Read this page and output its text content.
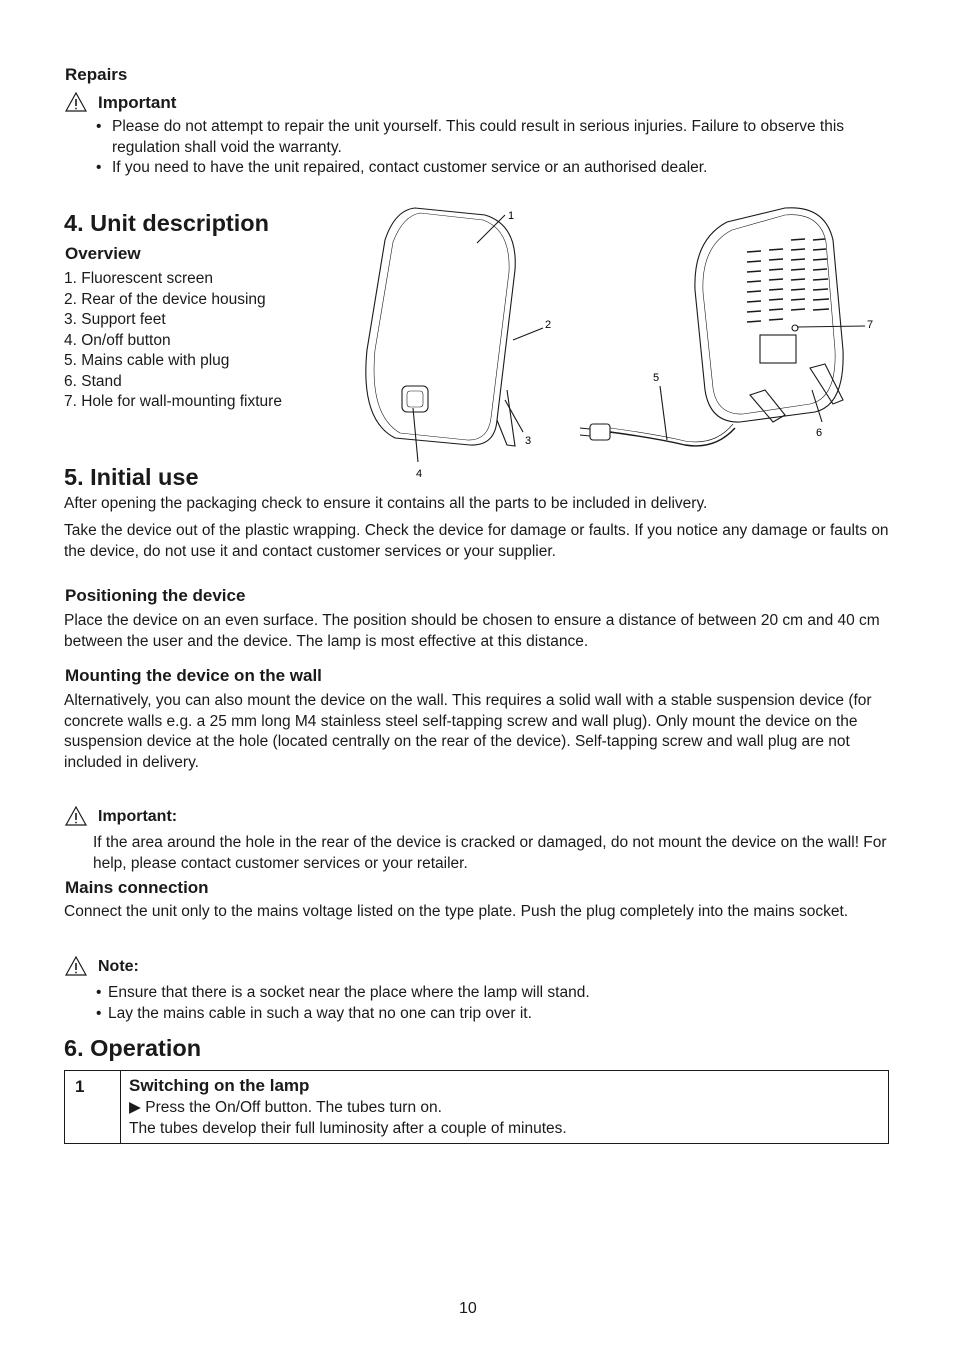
Repairs
Important
• Please do not attempt to repair the unit yourself. This could result in serious injuries. Failure to observe this regulation shall void the warranty.
• If you need to have the unit repaired, contact customer service or an authorised dealer.
4. Unit description
Overview
1. Fluorescent screen
2. Rear of the device housing
3. Support feet
4. On/off button
5. Mains cable with plug
6. Stand
7. Hole for wall-mounting fixture
1
2
3
4
5
6
7
5. Initial use
After opening the packaging check to ensure it contains all the parts to be included in delivery.
Take the device out of the plastic wrapping. Check the device for damage or faults. If you notice any damage or faults on the device, do not use it and contact customer services or your supplier.
Positioning the device
Place the device on an even surface. The position should be chosen to ensure a distance of between 20 cm and 40 cm between the user and the device. The lamp is most effective at this distance.
Mounting the device on the wall
Alternatively, you can also mount the device on the wall. This requires a solid wall with a stable suspension device (for concrete walls e.g. a 25 mm long M4 stainless steel self-tapping screw and wall plug). Only mount the device on the suspension device at the hole (located centrally on the rear of the device). Self-tapping screw and wall plug are not included in delivery.
Important:
If the area around the hole in the rear of the device is cracked or damaged, do not mount the device on the wall! For help, please contact customer services or your retailer.
Mains connection
Connect the unit only to the mains voltage listed on the type plate. Push the plug completely into the mains socket.
Note:
• Ensure that there is a socket near the place where the lamp will stand.
• Lay the mains cable in such a way that no one can trip over it.
6. Operation
1	Switching on the lamp
▶ Press the On/Off button. The tubes turn on.
The tubes develop their full luminosity after a couple of minutes.
10
